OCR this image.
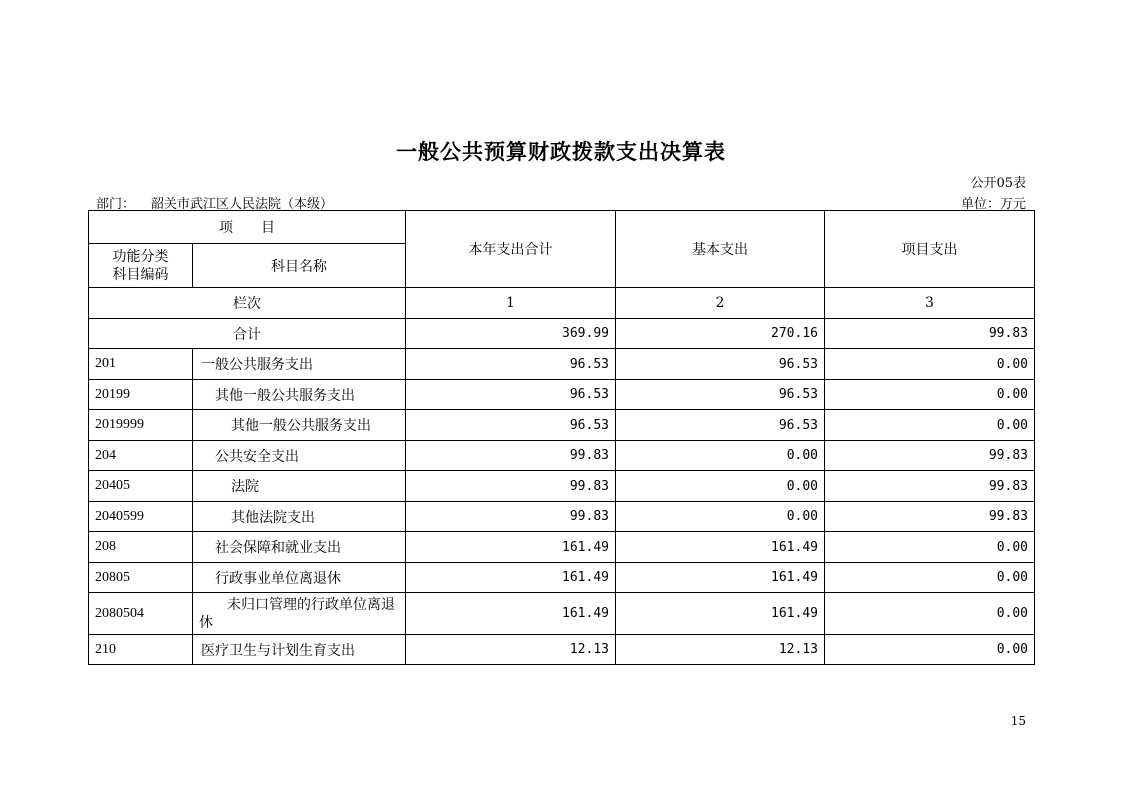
一般公共预算财政拨款支出决算表
公开05表
部门： 韶关市武江区人民法院（本级）	单位：万元
项　　目		本年支出合计	基本支出	项目支出

功能分类
科目编码	科目名称			
栏次		1	2	3
合计		369.99	270.16	99.83
201	一般公共服务支出	96.53	96.53	0.00
20199	其他一般公共服务支出	96.53	96.53	0.00
2019999	其他一般公共服务支出	96.53	96.53	0.00
204	公共安全支出	99.83	0.00	99.83
20405	法院	99.83	0.00	99.83
2040599	其他法院支出	99.83	0.00	99.83
208	社会保障和就业支出	161.49	161.49	0.00
20805	行政事业单位离退休	161.49	161.49	0.00
2080504	未归口管理的行政单位离退休	161.49	161.49	0.00
210	医疗卫生与计划生育支出	12.13	12.13	0.00
15
